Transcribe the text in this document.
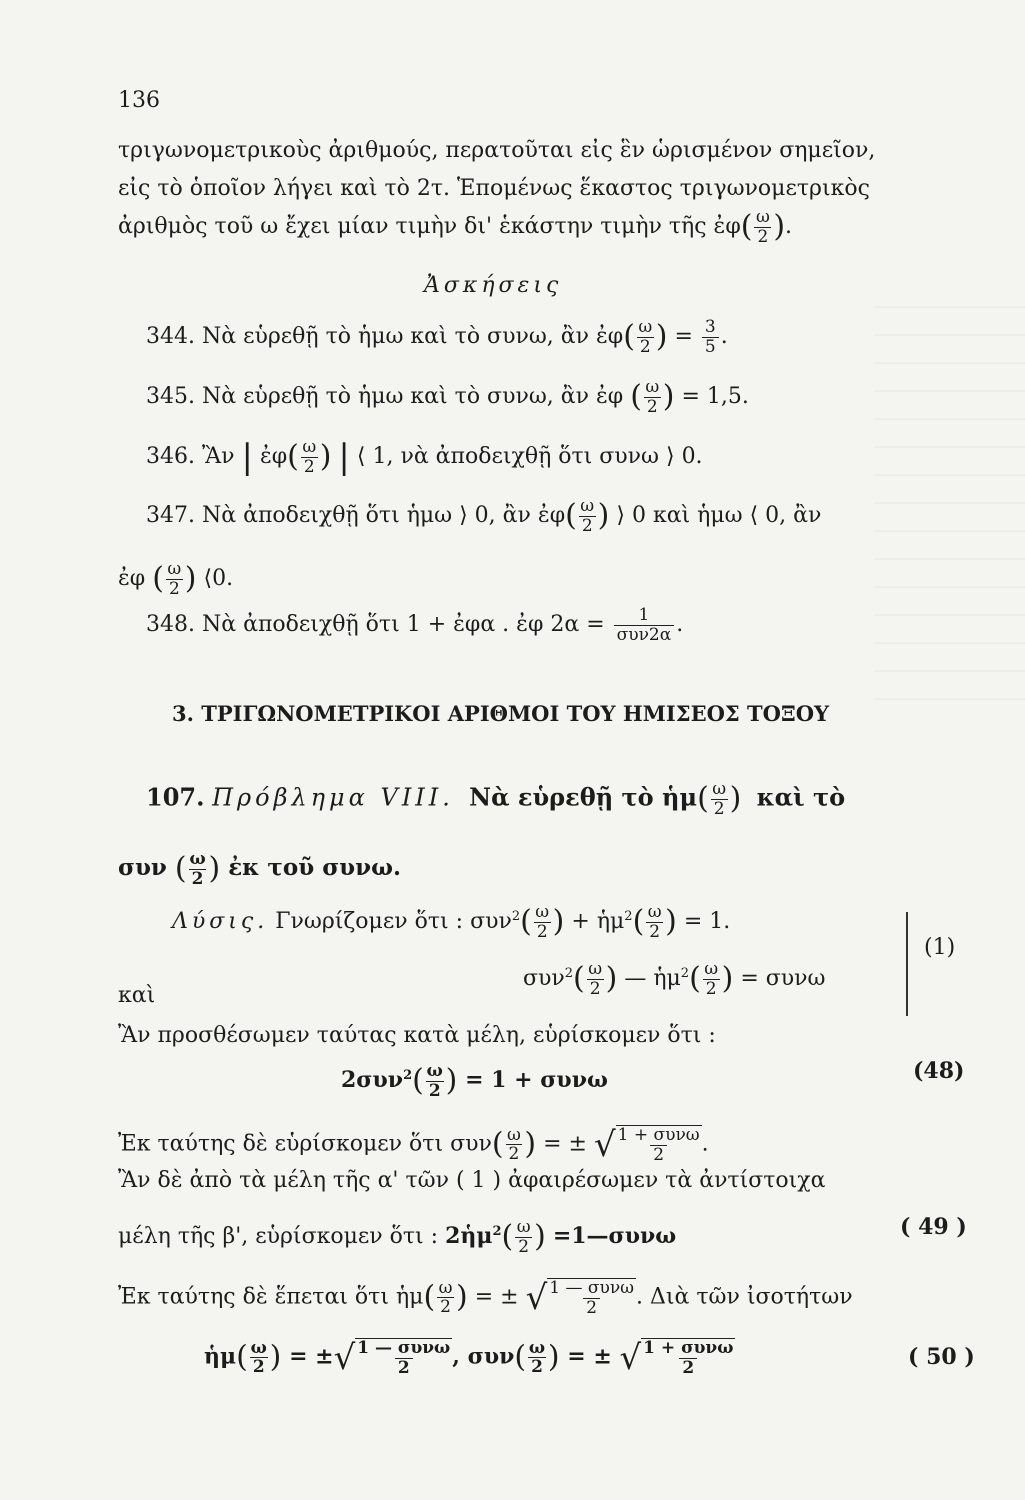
136
τριγωνομετρικοὺς ἀριθμούς, περατοῦται εἰς ἓν ὡρισμένον σημεῖον,
εἰς τὸ ὁποῖον λήγει καὶ τὸ 2τ. Ἑπομένως ἕκαστος τριγωνομετρικὸς
ἀριθμὸς τοῦ ω ἔχει μίαν τιμὴν δι' ἑκάστην τιμὴν τῆς ἐφ( $\frac{\omega}{2}$ ).
Ἀσκήσεις
344. Νὰ εὑρεθῇ τὸ ἡμω καὶ τὸ συνω, ἂν ἐφ( $\frac{\omega}{2}$ ) = $\frac{3}{5}$ .
345. Νὰ εὑρεθῇ τὸ ἡμω καὶ τὸ συνω, ἂν ἐφ ( $\frac{\omega}{2}$ ) = 1,5.
346. Ἂν | ἐφ( $\frac{\omega}{2}$ ) | ⟨ 1, νὰ ἀποδειχθῇ ὅτι συνω ⟩ 0.
347. Νὰ ἀποδειχθῇ ὅτι ἡμω ⟩ 0, ἂν ἐφ( $\frac{\omega}{2}$ ) ⟩ 0 καὶ ἡμω ⟨ 0, ἂν
ἐφ ( $\frac{\omega}{2}$ ) ⟨0.
348. Νὰ ἀποδειχθῇ ὅτι 1 + ἐφα . ἐφ $2\alpha = \frac{1}{\text{συν2α}}$ .
3. ΤΡΙΓΩΝΟΜΕΤΡΙΚΟΙ ΑΡΙΘΜΟΙ ΤΟΥ ΗΜΙΣΕΟΣ ΤΟΞΟΥ
107. Πρόβλημα VIII. Νὰ εὑρεθῇ τὸ ἡμ( $\frac{\omega}{2}$ ) καὶ τὸ
συν ( $\frac{\omega}{2}$ ) ἐκ τοῦ συνω.
Λύσις. Γνωρίζομεν ὅτι : $\sigma\upsilon\nu^2( \frac{\omega}{2}$ ) + ἡμ$^2$( $\frac{\omega}{2}$ ) = 1.
καὶ
$\sigma\upsilon\nu^2( \frac{\omega}{2}$ ) — ἡμ$^2$( $\frac{\omega}{2}$ ) = συνω
(1)
Ἂν προσθέσωμεν ταύτας κατὰ μέλη, εὑρίσκομεν ὅτι :
$2\sigma\upsilon\nu^2( \frac{\omega}{2}$ ) = 1 + συνω	(48)
Ἐκ ταύτης δὲ εὑρίσκομεν ὅτι $\sigma\upsilon\nu( \frac{\omega}{2}$ ) = ± √ $\frac{\text{1 + συνω}}{2}$ .
Ἂν δὲ ἀπὸ τὰ μέλη τῆς α' τῶν ( 1 ) ἀφαιρέσωμεν τὰ ἀντίστοιχα
μέλη τῆς β', εὑρίσκομεν ὅτι : 2ἡμ$^2$( $\frac{\omega}{2}$ ) =1—συνω	( 49 )
Ἐκ ταύτης δὲ ἕπεται ὅτι ἡμ( $\frac{\omega}{2}$ ) = ± √ $\frac{\text{1 — συνω}}{2}$ . Διὰ τῶν ἰσοτήτων
ἡμ( $\frac{\omega}{2}$ ) = ± √ $\frac{\text{1 — συνω}}{2}$ , $\sigma\upsilon\nu( \frac{\omega}{2}$ ) = ± √ $\frac{\text{1 + συνω}}{2}$	( 50 )
